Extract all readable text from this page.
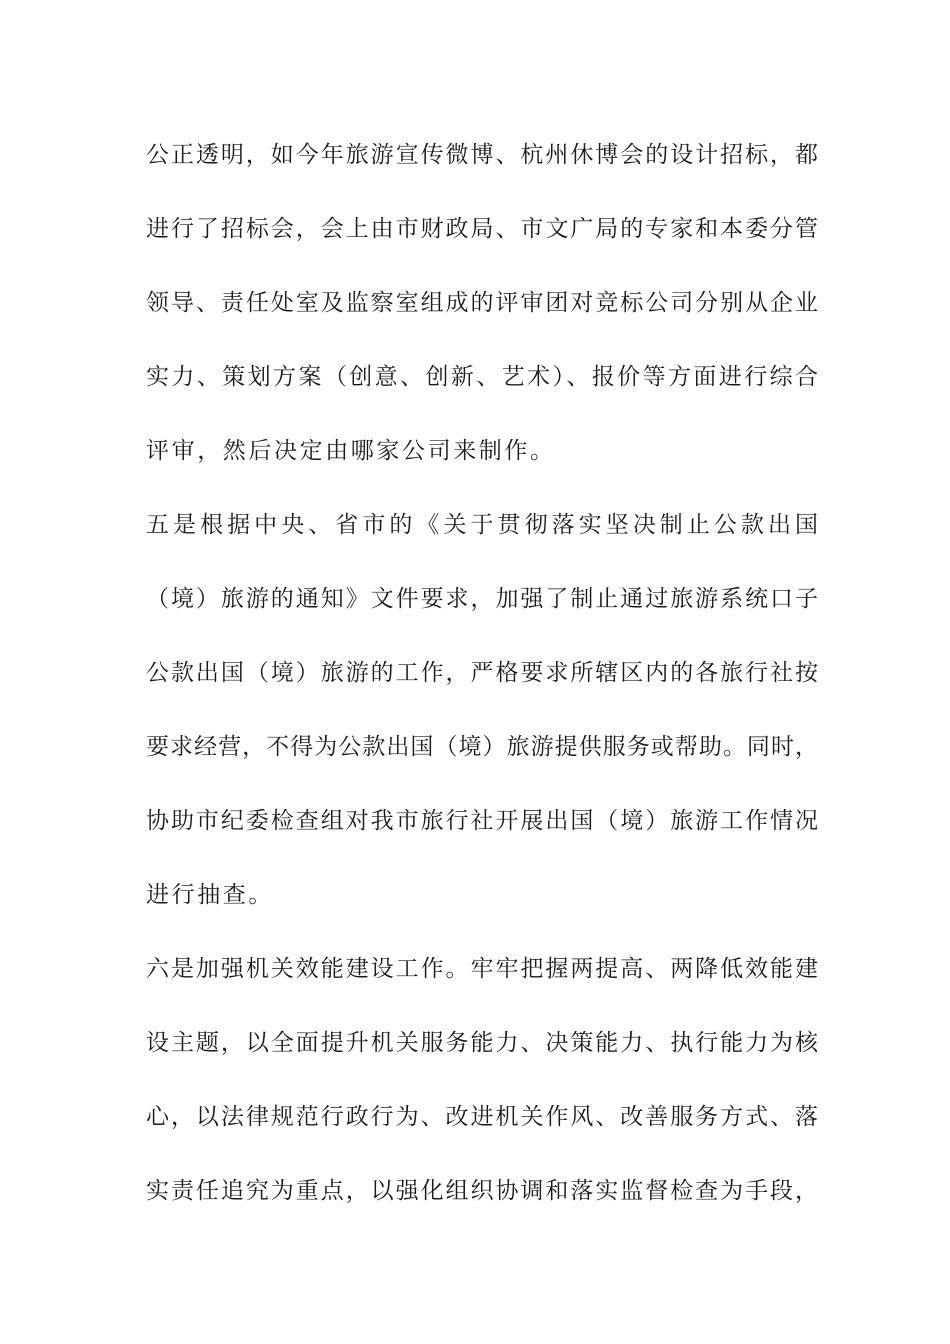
公正透明，如今年旅游宣传微博、杭州休博会的设计招标，都
进行了招标会，会上由市财政局、市文广局的专家和本委分管
领导、责任处室及监察室组成的评审团对竞标公司分别从企业
实力、策划方案（创意、创新、艺术）、报价等方面进行综合
评审，然后决定由哪家公司来制作。
五是根据中央、省市的《关于贯彻落实坚决制止公款出国
（境）旅游的通知》文件要求，加强了制止通过旅游系统口子
公款出国（境）旅游的工作，严格要求所辖区内的各旅行社按
要求经营，不得为公款出国（境）旅游提供服务或帮助。同时，
协助市纪委检查组对我市旅行社开展出国（境）旅游工作情况
进行抽查。
六是加强机关效能建设工作。牢牢把握两提高、两降低效能建
设主题，以全面提升机关服务能力、决策能力、执行能力为核
心，以法律规范行政行为、改进机关作风、改善服务方式、落
实责任追究为重点，以强化组织协调和落实监督检查为手段，
